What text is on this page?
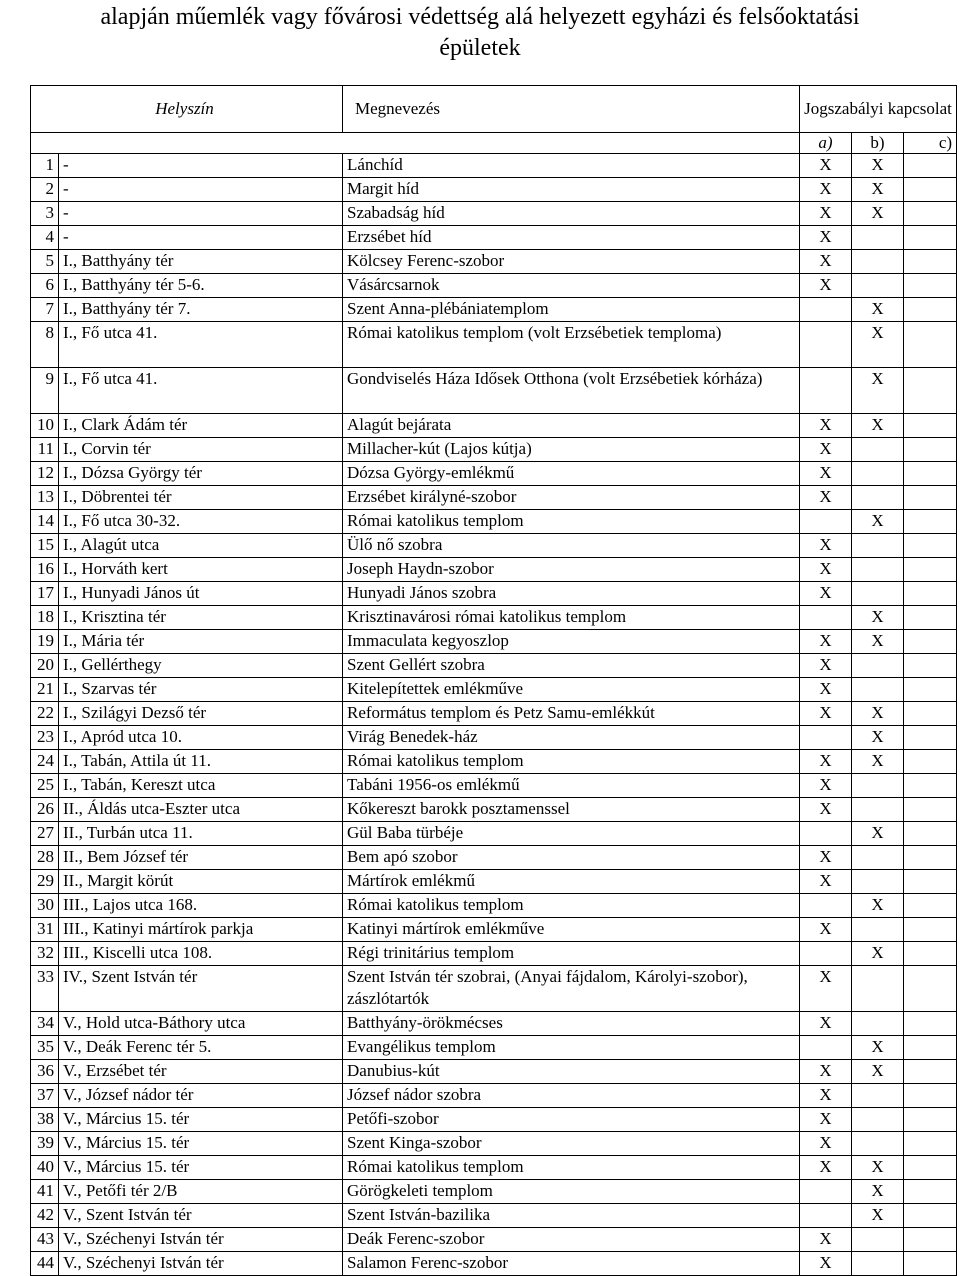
alapján műemlék vagy fővárosi védettség alá helyezett egyházi és felsőoktatási
épületek
Helyszín		Megnevezés	Jogszabályi kapcsolat		
			a)	b)	c)
1	-	Lánchíd	X	X	
2	-	Margit híd	X	X	
3	-	Szabadság híd	X	X	
4	-	Erzsébet híd	X		
5	I., Batthyány tér	Kölcsey Ferenc-szobor	X		
6	I., Batthyány tér 5-6.	Vásárcsarnok	X		
7	I., Batthyány tér 7.	Szent Anna-plébániatemplom		X	
8	I., Fő utca 41.	Római katolikus templom (volt Erzsébetiek temploma)		X	
9	I., Fő utca 41.	Gondviselés Háza Idősek Otthona (volt Erzsébetiek kórháza)		X	
10	I., Clark Ádám tér	Alagút bejárata	X	X	
11	I., Corvin tér	Millacher-kút (Lajos kútja)	X		
12	I., Dózsa György tér	Dózsa György-emlékmű	X		
13	I., Döbrentei tér	Erzsébet királyné-szobor	X		
14	I., Fő utca 30-32.	Római katolikus templom		X	
15	I., Alagút utca	Ülő nő szobra	X		
16	I., Horváth kert	Joseph Haydn-szobor	X		
17	I., Hunyadi János út	Hunyadi János szobra	X		
18	I., Krisztina tér	Krisztinavárosi római katolikus templom		X	
19	I., Mária tér	Immaculata kegyoszlop	X	X	
20	I., Gellérthegy	Szent Gellért szobra	X		
21	I., Szarvas tér	Kitelepítettek emlékműve	X		
22	I., Szilágyi Dezső tér	Református templom és Petz Samu-emlékkút	X	X	
23	I., Apród utca 10.	Virág Benedek-ház		X	
24	I., Tabán, Attila út 11.	Római katolikus templom	X	X	
25	I., Tabán, Kereszt utca	Tabáni 1956-os emlékmű	X		
26	II., Áldás utca-Eszter utca	Kőkereszt barokk posztamenssel	X		
27	II., Turbán utca 11.	Gül Baba türbéje		X	
28	II., Bem József tér	Bem apó szobor	X		
29	II., Margit körút	Mártírok emlékmű	X		
30	III., Lajos utca 168.	Római katolikus templom		X	
31	III., Katinyi mártírok parkja	Katinyi mártírok emlékműve	X		
32	III., Kiscelli utca 108.	Régi trinitárius templom		X	
33	IV., Szent István tér	Szent István tér szobrai, (Anyai fájdalom, Károlyi-szobor), zászlótartók	X		
34	V., Hold utca-Báthory utca	Batthyány-örökmécses	X		
35	V., Deák Ferenc tér 5.	Evangélikus templom		X	
36	V., Erzsébet tér	Danubius-kút	X	X	
37	V., József nádor tér	József nádor szobra	X		
38	V., Március 15. tér	Petőfi-szobor	X		
39	V., Március 15. tér	Szent Kinga-szobor	X		
40	V., Március 15. tér	Római katolikus templom	X	X	
41	V., Petőfi tér 2/B	Görögkeleti templom		X	
42	V., Szent István tér	Szent István-bazilika		X	
43	V., Széchenyi István tér	Deák Ferenc-szobor	X		
44	V., Széchenyi István tér	Salamon Ferenc-szobor	X		
